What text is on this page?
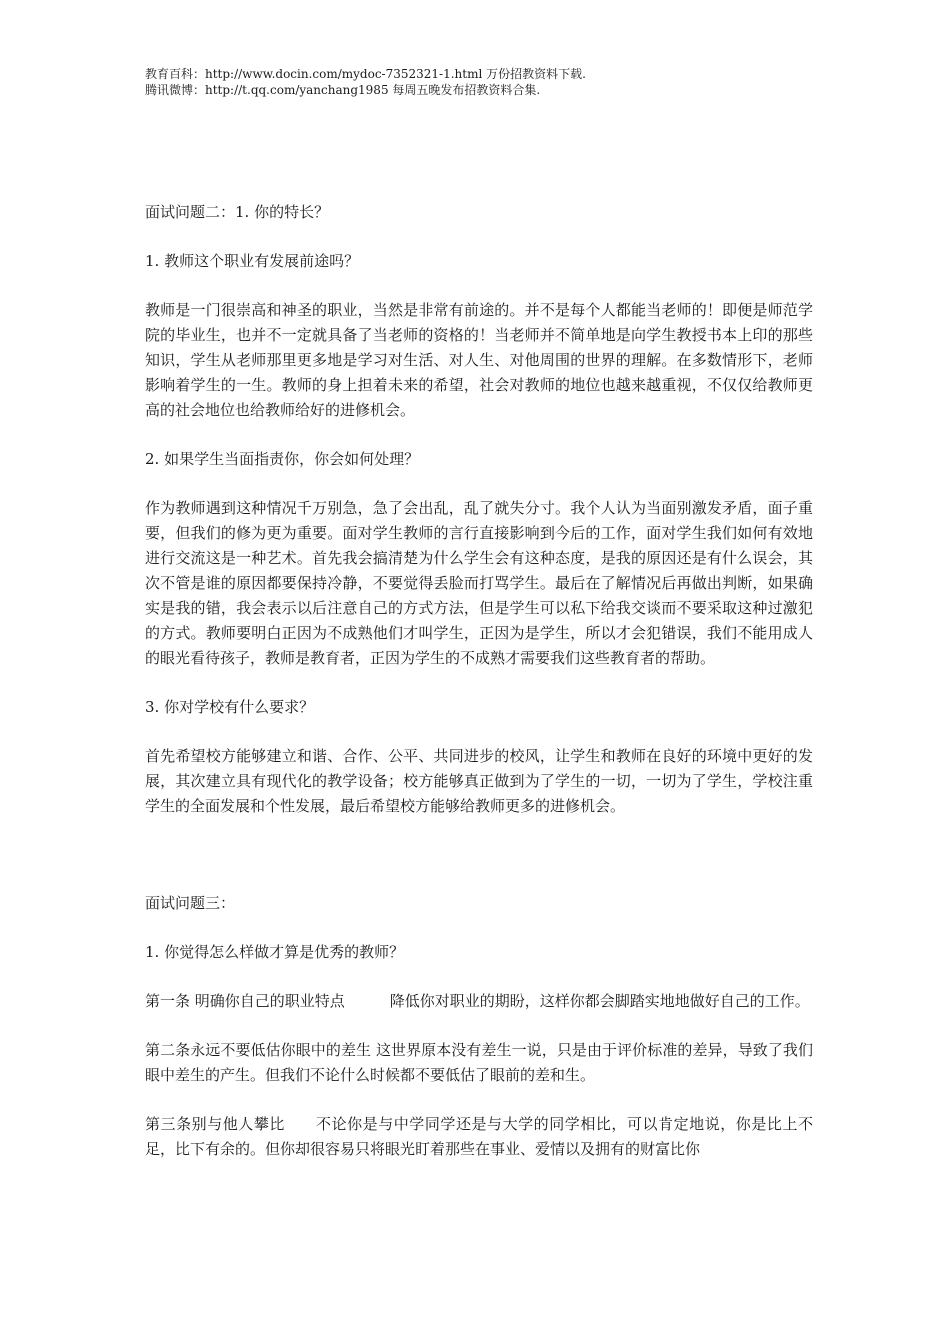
教育百科：http://www.docin.com/mydoc-7352321-1.html 万份招教资料下载.
腾讯微博：http://t.qq.com/yanchang1985 每周五晚发布招教资料合集.

面试问题二：1. 你的特长？

1. 教师这个职业有发展前途吗？

教师是一门很崇高和神圣的职业，当然是非常有前途的。并不是每个人都能当老师的！即便是师范学院的毕业生，也并不一定就具备了当老师的资格的！当老师并不简单地是向学生教授书本上印的那些知识，学生从老师那里更多地是学习对生活、对人生、对他周围的世界的理解。在多数情形下，老师影响着学生的一生。教师的身上担着未来的希望，社会对教师的地位也越来越重视，不仅仅给教师更高的社会地位也给教师给好的进修机会。

2. 如果学生当面指责你，你会如何处理？

作为教师遇到这种情况千万别急，急了会出乱，乱了就失分寸。我个人认为当面别激发矛盾，面子重要，但我们的修为更为重要。面对学生教师的言行直接影响到今后的工作，面对学生我们如何有效地进行交流这是一种艺术。首先我会搞清楚为什么学生会有这种态度，是我的原因还是有什么误会，其次不管是谁的原因都要保持冷静，不要觉得丢脸而打骂学生。最后在了解情况后再做出判断，如果确实是我的错，我会表示以后注意自己的方式方法，但是学生可以私下给我交谈而不要采取这种过激犯的方式。教师要明白正因为不成熟他们才叫学生，正因为是学生，所以才会犯错误，我们不能用成人的眼光看待孩子，教师是教育者，正因为学生的不成熟才需要我们这些教育者的帮助。

3. 你对学校有什么要求？

首先希望校方能够建立和谐、合作、公平、共同进步的校风，让学生和教师在良好的环境中更好的发展，其次建立具有现代化的教学设备；校方能够真正做到为了学生的一切，一切为了学生，学校注重学生的全面发展和个性发展，最后希望校方能够给教师更多的进修机会。

面试问题三：

1. 你觉得怎么样做才算是优秀的教师？

第一条 明确你自己的职业特点　　　降低你对职业的期盼，这样你都会脚踏实地地做好自己的工作。

第二条永远不要低估你眼中的差生 这世界原本没有差生一说，只是由于评价标准的差异，导致了我们眼中差生的产生。但我们不论什么时候都不要低估了眼前的差和生。

第三条别与他人攀比　　不论你是与中学同学还是与大学的同学相比，可以肯定地说，你是比上不足，比下有余的。但你却很容易只将眼光盯着那些在事业、爱情以及拥有的财富比你
